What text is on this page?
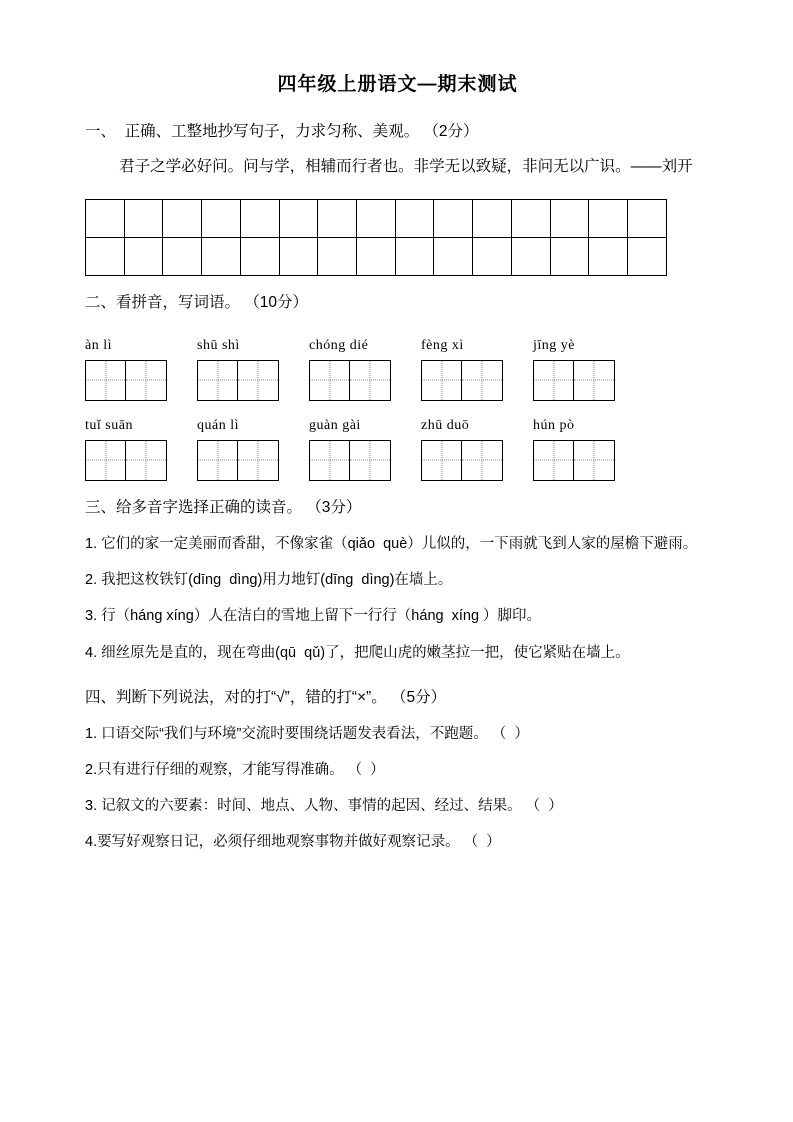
四年级上册语文—期末测试
一、  正确、工整地抄写句子，力求匀称、美观。 （2分）
君子之学必好问。问与学，相辅而行者也。非学无以致疑，非问无以广识。——刘开

二、看拼音，写词语。 （10分）
àn lì	shū shì	chóng dié	fèng xì	jīng yè
tuǐ suān	quán lì	guàn gài	zhū duō	hún pò
三、给多音字选择正确的读音。 （3分）
1. 它们的家一定美丽而香甜，不像家雀（qiǎo  què）儿似的，一下雨就飞到人家的屋檐下避雨。
2. 我把这枚铁钉(dīng  dìng)用力地钉(dīng  dìng)在墙上。
3. 行（háng xíng）人在洁白的雪地上留下一行行（háng  xíng ）脚印。
4. 细丝原先是直的，现在弯曲(qū  qǔ)了，把爬山虎的嫩茎拉一把，使它紧贴在墙上。
四、判断下列说法，对的打“√”，错的打“×”。 （5分）
1. 口语交际“我们与环境”交流时要围绕话题发表看法，不跑题。 （  ）
2.只有进行仔细的观察，才能写得准确。 （  ）
3. 记叙文的六要素：时间、地点、人物、事情的起因、经过、结果。 （  ）
4.要写好观察日记，必须仔细地观察事物并做好观察记录。 （  ）
